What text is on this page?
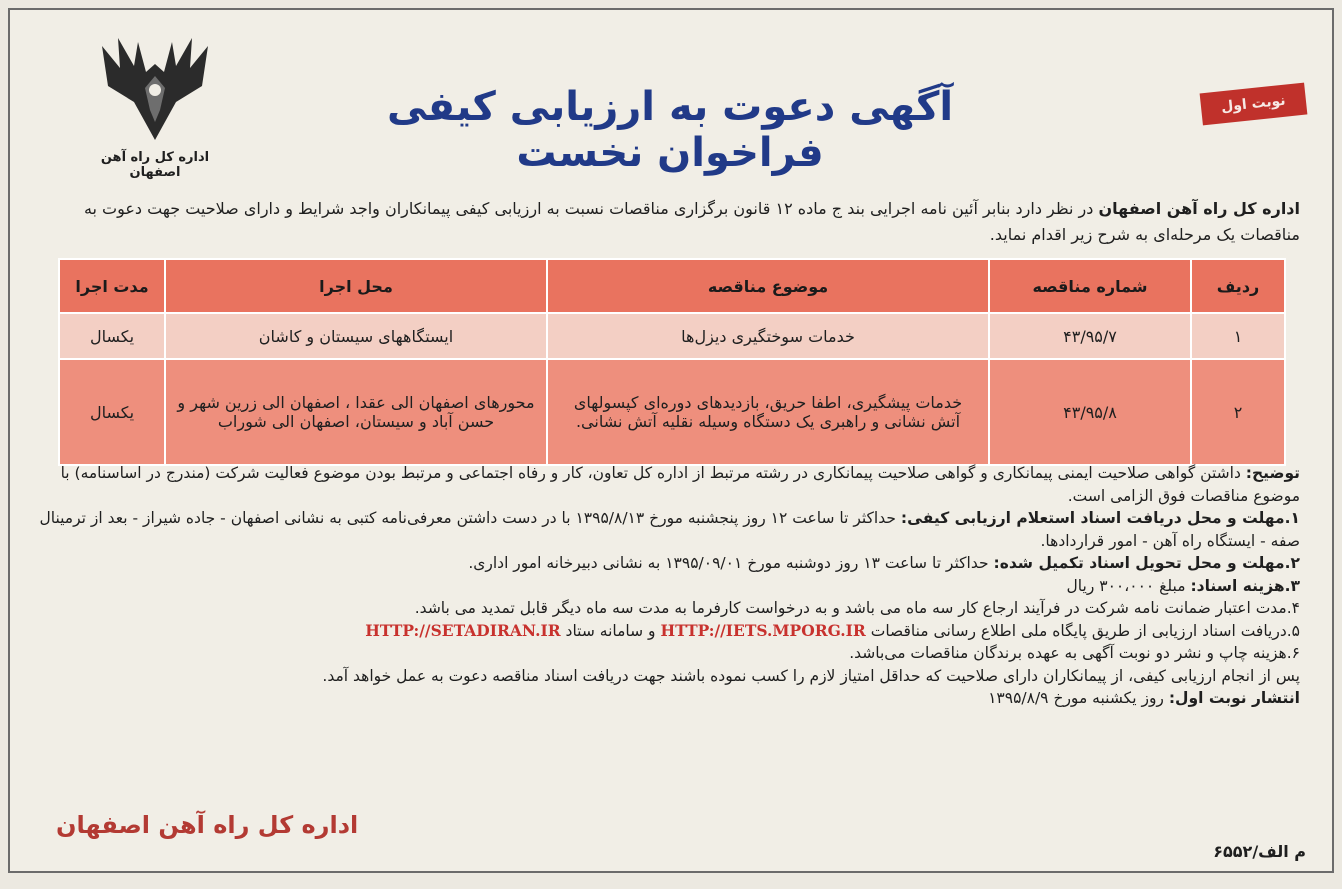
اداره کل راه آهن اصفهان
نوبت اول
آگهی دعوت به ارزیابی کیفی فراخوان نخست
اداره کل راه آهن اصفهان در نظر دارد بنابر آئین نامه اجرایی بند ج ماده ۱۲ قانون برگزاری مناقصات نسبت به ارزیابی کیفی پیمانکاران واجد شرایط و دارای صلاحیت جهت دعوت به مناقصات یک مرحله‌ای به شرح زیر اقدام نماید.
ردیف	شماره مناقصه	موضوع مناقصه	محل اجرا	مدت اجرا
۱	۴۳/۹۵/۷	خدمات سوختگیری دیزل‌ها	ایستگاههای سیستان و کاشان	یکسال
۲	۴۳/۹۵/۸	خدمات پیشگیری، اطفا حریق، بازدیدهای دوره‌ای کپسولهای آتش نشانی و راهبری یک دستگاه وسیله نقلیه آتش نشانی.	محورهای اصفهان الی عقدا ، اصفهان الی زرین شهر و حسن آباد و سیستان، اصفهان الی شوراب	یکسال

توضیح: داشتن گواهی صلاحیت ایمنی پیمانکاری و گواهی صلاحیت پیمانکاری در رشته مرتبط از اداره کل تعاون، کار و رفاه اجتماعی و مرتبط بودن موضوع فعالیت شرکت (مندرج در اساسنامه) با موضوع مناقصات فوق الزامی است.

۱.مهلت و محل دریافت اسناد استعلام ارزیابی کیفی: حداکثر تا ساعت ۱۲ روز پنجشنبه مورخ ۱۳۹۵/۸/۱۳ با در دست داشتن معرفی‌نامه کتبی به نشانی اصفهان - جاده شیراز - بعد از ترمینال صفه - ایستگاه راه آهن - امور قراردادها.

۲.مهلت و محل تحویل اسناد تکمیل شده: حداکثر تا ساعت ۱۳ روز دوشنبه مورخ ۱۳۹۵/۰۹/۰۱ به نشانی دبیرخانه امور اداری.

۳.هزینه اسناد: مبلغ ۳۰۰،۰۰۰ ریال

۴.مدت اعتبار ضمانت نامه شرکت در فرآیند ارجاع کار سه ماه می باشد و به درخواست کارفرما به مدت سه ماه دیگر قابل تمدید می باشد.

۵.دریافت اسناد ارزیابی از طریق پایگاه ملی اطلاع رسانی مناقصات HTTP://IETS.MPORG.IR و سامانه ستاد HTTP://SETADIRAN.IR

۶.هزینه چاپ و نشر دو نوبت آگهی به عهده برندگان مناقصات می‌باشد.

پس از انجام ارزیابی کیفی، از پیمانکاران دارای صلاحیت که حداقل امتیاز لازم را کسب نموده باشند جهت دریافت اسناد مناقصه دعوت به عمل خواهد آمد.

انتشار نوبت اول: روز یکشنبه مورخ ۱۳۹۵/۸/۹

اداره کل راه آهن اصفهان
م الف/۶۵۵۲
